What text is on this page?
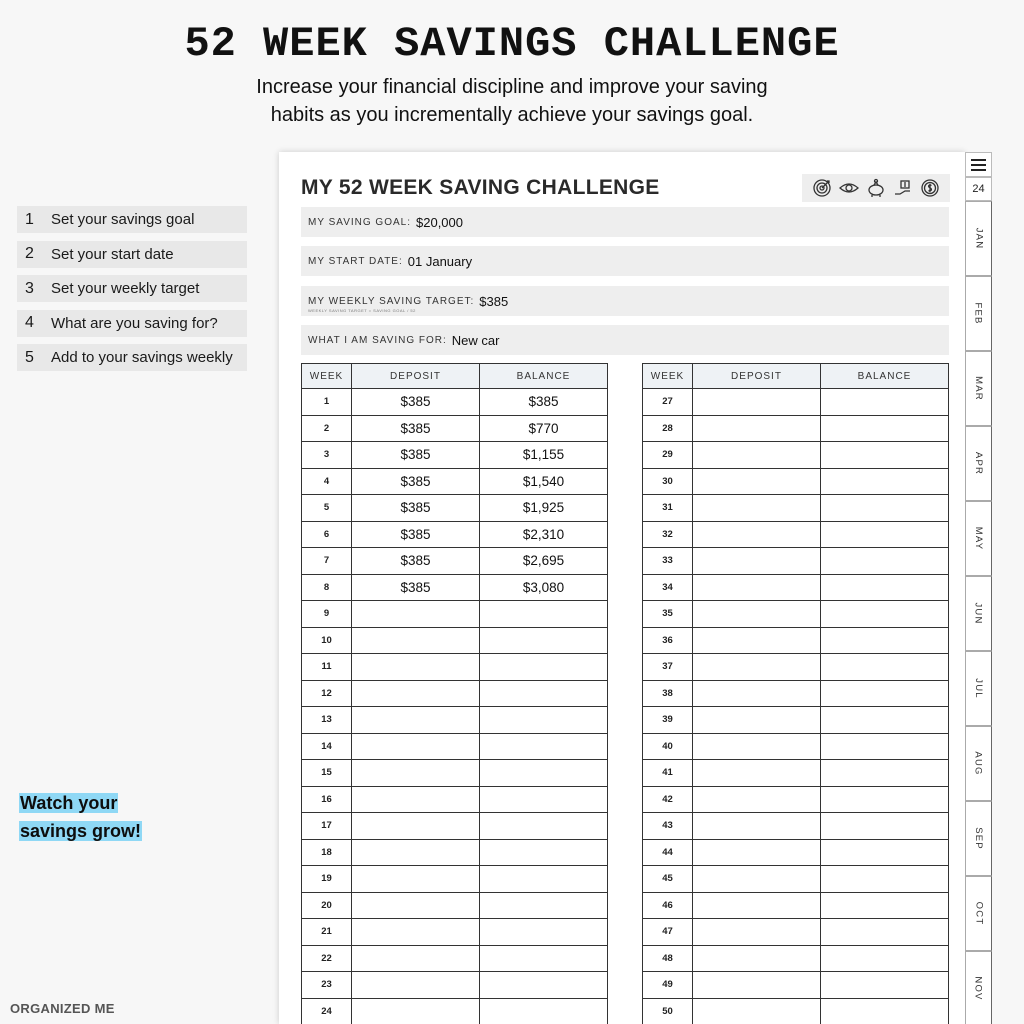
52 WEEK SAVINGS CHALLENGE
Increase your financial discipline and improve your saving
habits as you incrementally achieve your savings goal.
1	Set your savings goal
2	Set your start date
3	Set your weekly target
4	What are you saving for?
5	Add to your savings weekly
Watch your
savings grow!
ORGANIZED ME
MY 52 WEEK SAVING CHALLENGE
MY SAVING GOAL: $20,000
MY START DATE: 01 January
MY WEEKLY SAVING TARGET: $385
WEEKLY SAVING TARGET = SAVING GOAL / 52
WHAT I AM SAVING FOR: New car
WEEK	DEPOSIT	BALANCE
1	$385	$385
2	$385	$770
3	$385	$1,155
4	$385	$1,540
5	$385	$1,925
6	$385	$2,310
7	$385	$2,695
8	$385	$3,080
9		
10		
11		
12		
13		
14		
15		
16		
17		
18		
19		
20		
21		
22		
23		
24		
WEEK	DEPOSIT	BALANCE
27		
28		
29		
30		
31		
32		
33		
34		
35		
36		
37		
38		
39		
40		
41		
42		
43		
44		
45		
46		
47		
48		
49		
50		
24
JAN
FEB
MAR
APR
MAY
JUN
JUL
AUG
SEP
OCT
NOV
